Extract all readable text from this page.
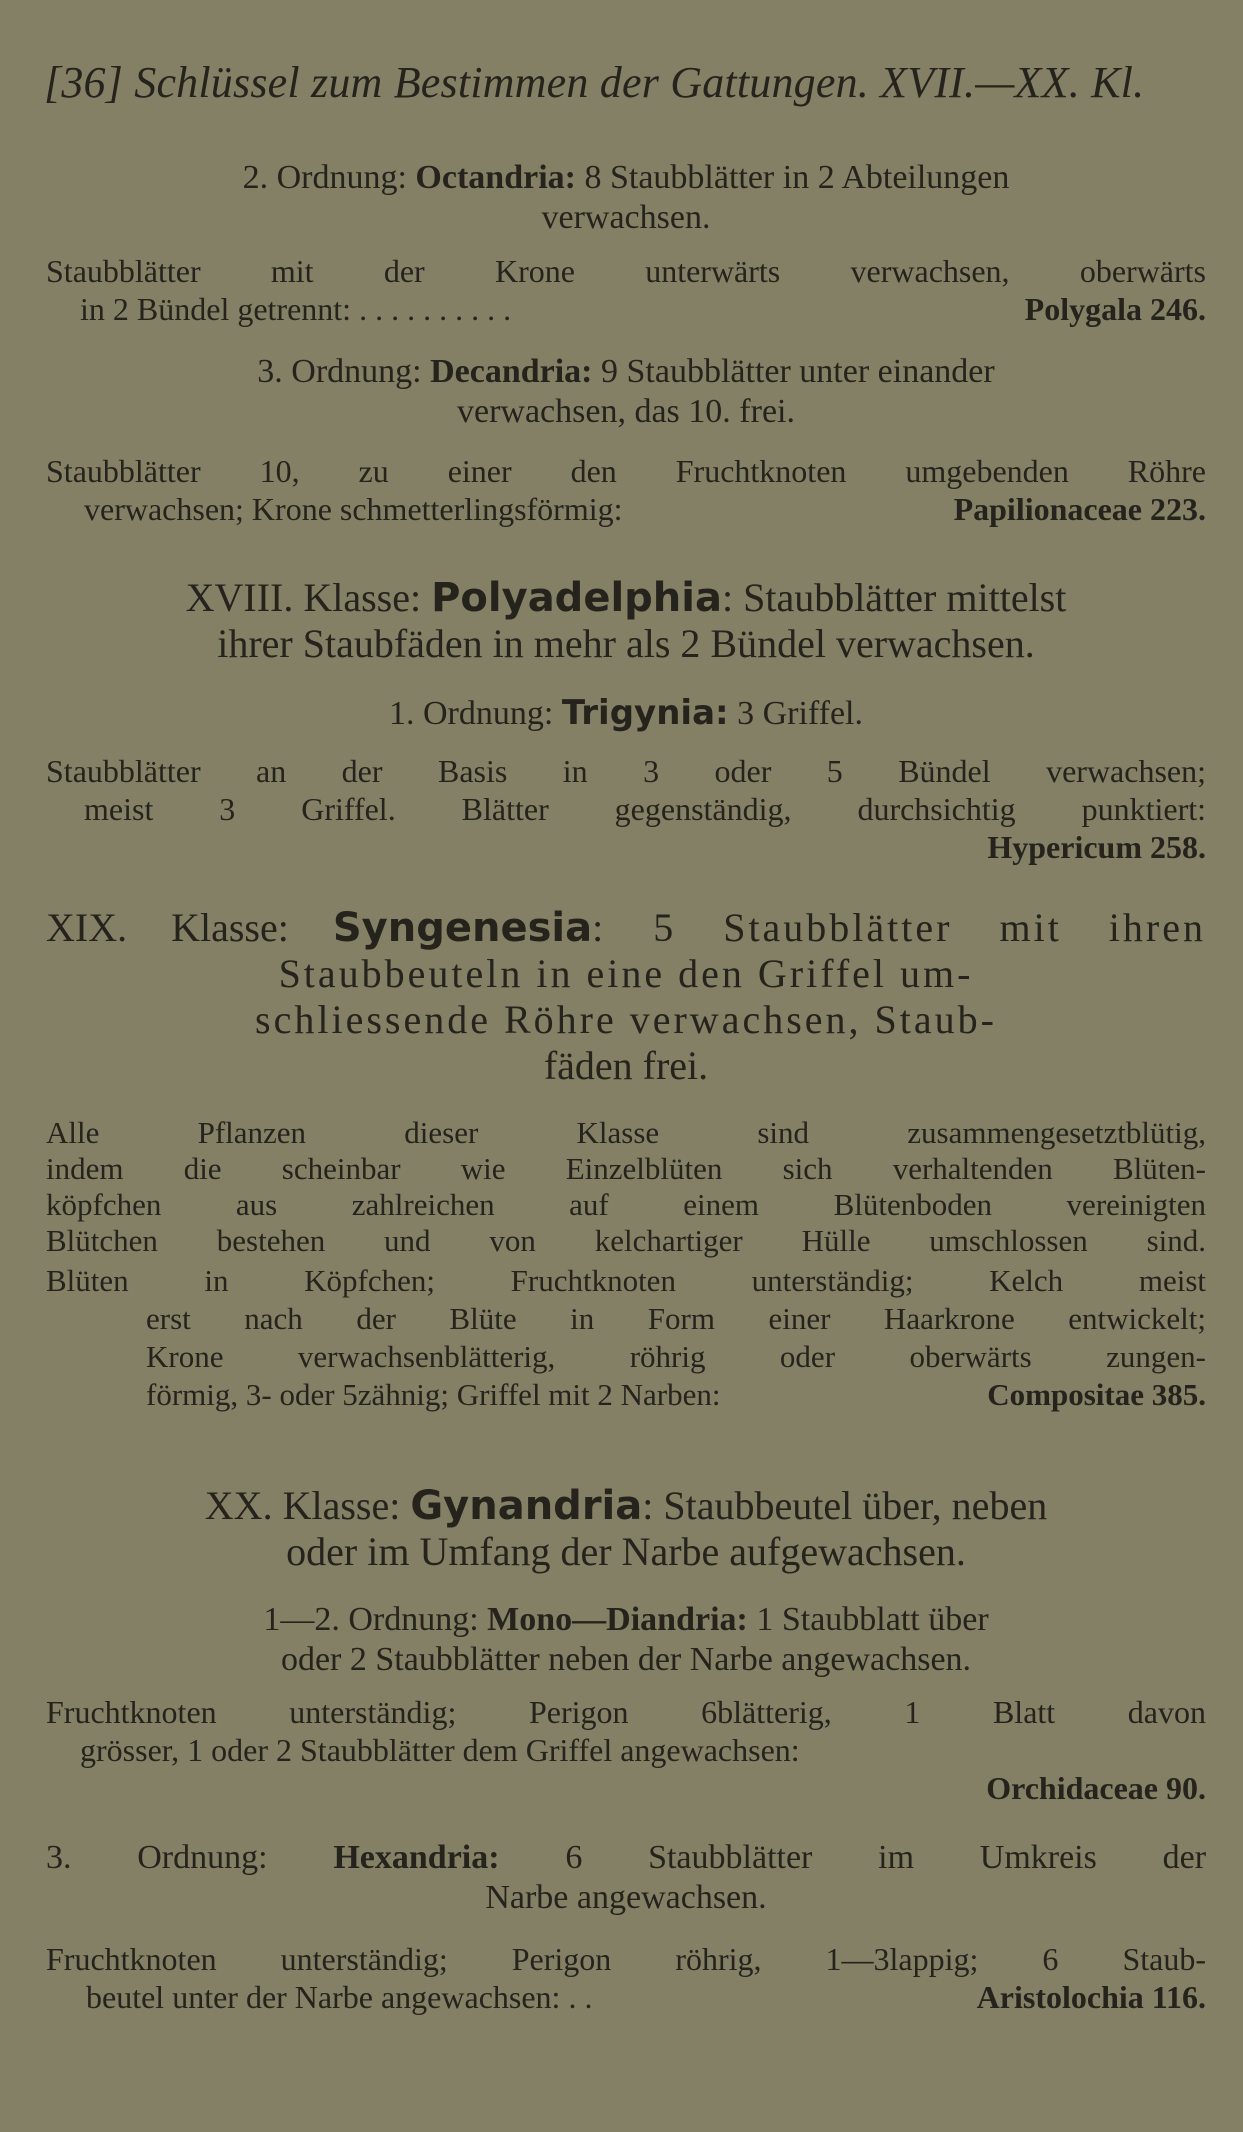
[36] Schlüssel zum Bestimmen der Gattungen. XVII.—XX. Kl.
2. Ordnung: Octandria: 8 Staubblätter in 2 Abteilungen
verwachsen.
Staubblätter mit der Krone unterwärts verwachsen, oberwärts
in 2 Bündel getrennt: . . . . . . . . . .	Polygala 246.
3. Ordnung: Decandria: 9 Staubblätter unter einander
verwachsen, das 10. frei.
Staubblätter 10, zu einer den Fruchtknoten umgebenden Röhre
verwachsen; Krone schmetterlingsförmig:	Papilionaceae 223.
XVIII. Klasse: Polyadelphia: Staubblätter mittelst
ihrer Staubfäden in mehr als 2 Bündel verwachsen.
1. Ordnung: Trigynia: 3 Griffel.
Staubblätter an der Basis in 3 oder 5 Bündel verwachsen;
meist 3 Griffel. Blätter gegenständig, durchsichtig punktiert:
Hypericum 258.
XIX. Klasse: Syngenesia: 5 Staubblätter mit ihren
Staubbeuteln in eine den Griffel um-
schliessende Röhre verwachsen, Staub-
fäden frei.
Alle Pflanzen dieser Klasse sind zusammengesetztblütig,
indem die scheinbar wie Einzelblüten sich verhaltenden Blüten-
köpfchen aus zahlreichen auf einem Blütenboden vereinigten
Blütchen bestehen und von kelchartiger Hülle umschlossen sind.
Blüten in Köpfchen; Fruchtknoten unterständig; Kelch meist
erst nach der Blüte in Form einer Haarkrone entwickelt;
Krone verwachsenblätterig, röhrig oder oberwärts zungen-
förmig, 3- oder 5zähnig; Griffel mit 2 Narben:	Compositae 385.
XX. Klasse: Gynandria: Staubbeutel über, neben
oder im Umfang der Narbe aufgewachsen.
1—2. Ordnung: Mono—Diandria: 1 Staubblatt über
oder 2 Staubblätter neben der Narbe angewachsen.
Fruchtknoten unterständig; Perigon 6blätterig, 1 Blatt davon
grösser, 1 oder 2 Staubblätter dem Griffel angewachsen:
Orchidaceae 90.
3. Ordnung: Hexandria: 6 Staubblätter im Umkreis der
Narbe angewachsen.
Fruchtknoten unterständig; Perigon röhrig, 1—3lappig; 6 Staub-
beutel unter der Narbe angewachsen: . .	Aristolochia 116.
